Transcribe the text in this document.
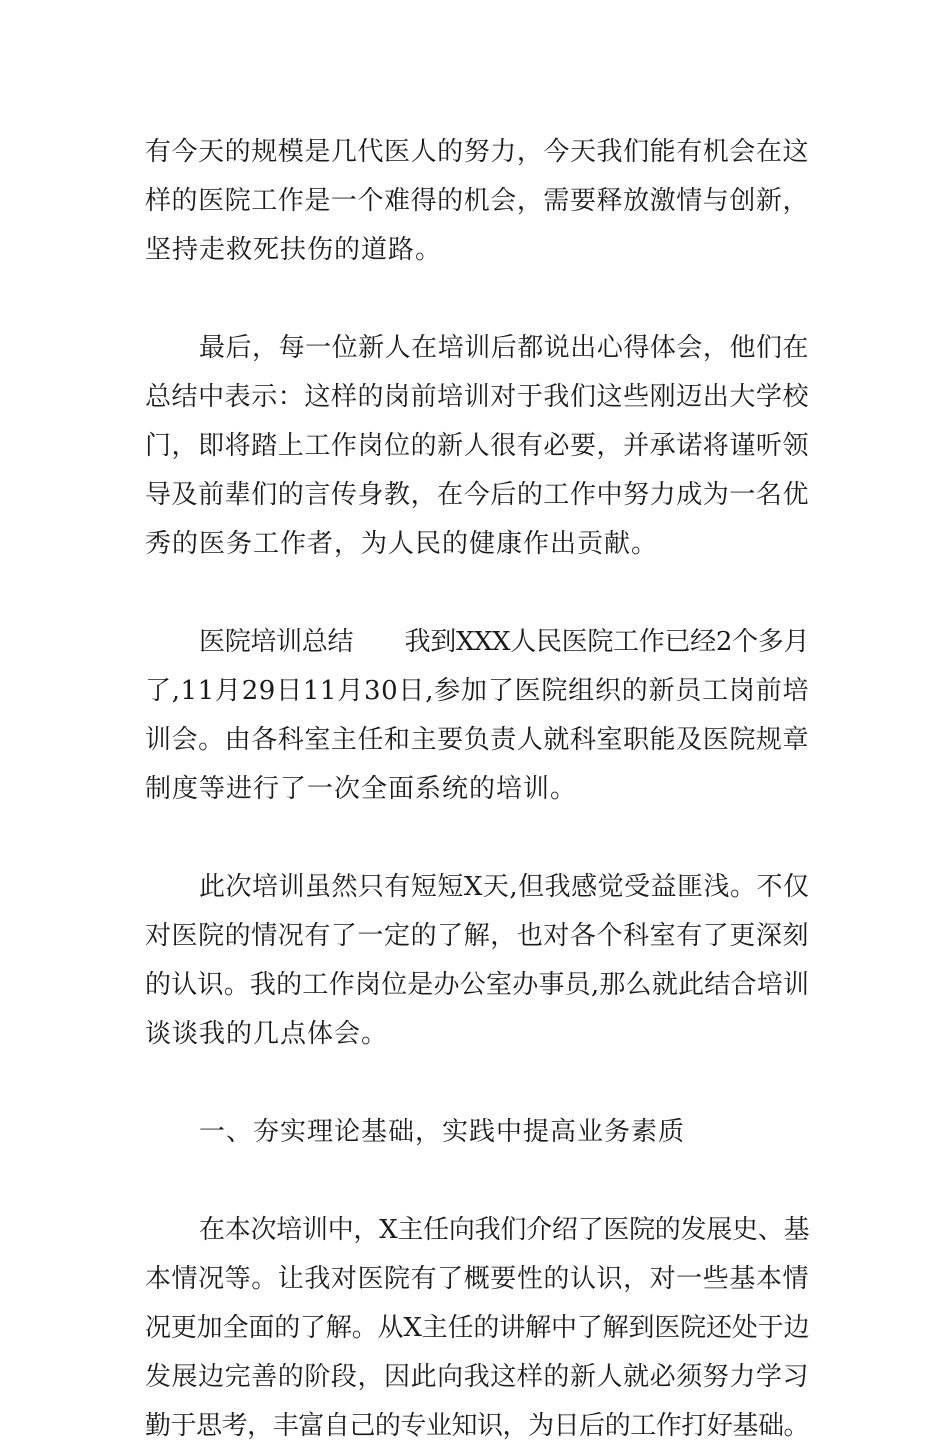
有今天的规模是几代医人的努力，今天我们能有机会在这
样的医院工作是一个难得的机会，需要释放激情与创新，
坚持走救死扶伤的道路。
最后，每一位新人在培训后都说出心得体会，他们在
总结中表示：这样的岗前培训对于我们这些刚迈出大学校
门，即将踏上工作岗位的新人很有必要，并承诺将谨听领
导及前辈们的言传身教，在今后的工作中努力成为一名优
秀的医务工作者，为人民的健康作出贡献。
医院培训总结　　我到XXX人民医院工作已经2个多月
了,11月29日11月30日,参加了医院组织的新员工岗前培
训会。由各科室主任和主要负责人就科室职能及医院规章
制度等进行了一次全面系统的培训。
此次培训虽然只有短短X天,但我感觉受益匪浅。不仅
对医院的情况有了一定的了解，也对各个科室有了更深刻
的认识。我的工作岗位是办公室办事员,那么就此结合培训
谈谈我的几点体会。
一、夯实理论基础，实践中提高业务素质
在本次培训中，X主任向我们介绍了医院的发展史、基
本情况等。让我对医院有了概要性的认识，对一些基本情
况更加全面的了解。从X主任的讲解中了解到医院还处于边
发展边完善的阶段，因此向我这样的新人就必须努力学习
勤于思考，丰富自己的专业知识，为日后的工作打好基础。
